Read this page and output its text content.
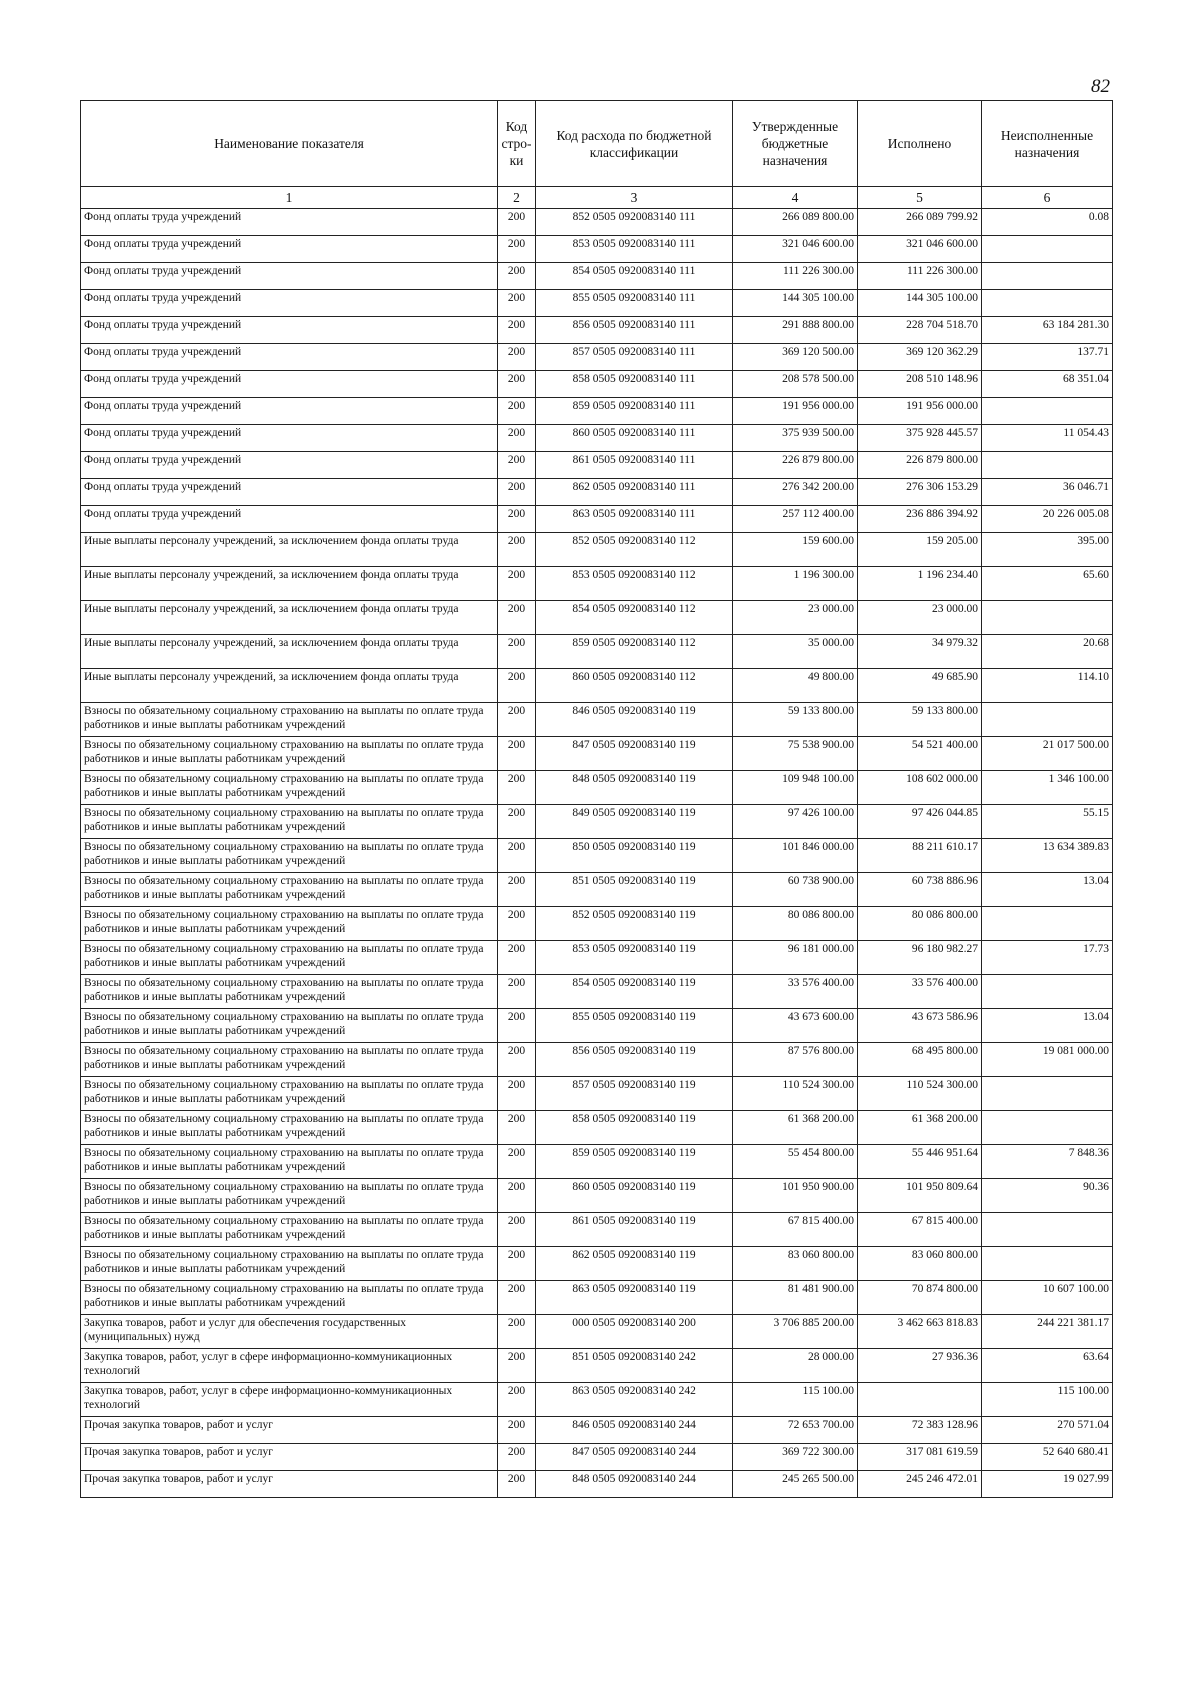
82
Наименование показателя	Код стро-ки	Код расхода по бюджетной классификации	Утвержденные бюджетные назначения	Исполнено	Неисполненные назначения
1	2	3	4	5	6
Фонд оплаты труда учреждений	200	852 0505 0920083140 111	266 089 800.00	266 089 799.92	0.08
Фонд оплаты труда учреждений	200	853 0505 0920083140 111	321 046 600.00	321 046 600.00	
Фонд оплаты труда учреждений	200	854 0505 0920083140 111	111 226 300.00	111 226 300.00	
Фонд оплаты труда учреждений	200	855 0505 0920083140 111	144 305 100.00	144 305 100.00	
Фонд оплаты труда учреждений	200	856 0505 0920083140 111	291 888 800.00	228 704 518.70	63 184 281.30
Фонд оплаты труда учреждений	200	857 0505 0920083140 111	369 120 500.00	369 120 362.29	137.71
Фонд оплаты труда учреждений	200	858 0505 0920083140 111	208 578 500.00	208 510 148.96	68 351.04
Фонд оплаты труда учреждений	200	859 0505 0920083140 111	191 956 000.00	191 956 000.00	
Фонд оплаты труда учреждений	200	860 0505 0920083140 111	375 939 500.00	375 928 445.57	11 054.43
Фонд оплаты труда учреждений	200	861 0505 0920083140 111	226 879 800.00	226 879 800.00	
Фонд оплаты труда учреждений	200	862 0505 0920083140 111	276 342 200.00	276 306 153.29	36 046.71
Фонд оплаты труда учреждений	200	863 0505 0920083140 111	257 112 400.00	236 886 394.92	20 226 005.08
Иные выплаты персоналу учреждений, за исключением фонда оплаты труда	200	852 0505 0920083140 112	159 600.00	159 205.00	395.00
Иные выплаты персоналу учреждений, за исключением фонда оплаты труда	200	853 0505 0920083140 112	1 196 300.00	1 196 234.40	65.60
Иные выплаты персоналу учреждений, за исключением фонда оплаты труда	200	854 0505 0920083140 112	23 000.00	23 000.00	
Иные выплаты персоналу учреждений, за исключением фонда оплаты труда	200	859 0505 0920083140 112	35 000.00	34 979.32	20.68
Иные выплаты персоналу учреждений, за исключением фонда оплаты труда	200	860 0505 0920083140 112	49 800.00	49 685.90	114.10
Взносы по обязательному социальному страхованию на выплаты по оплате труда работников и иные выплаты работникам учреждений	200	846 0505 0920083140 119	59 133 800.00	59 133 800.00	
Взносы по обязательному социальному страхованию на выплаты по оплате труда работников и иные выплаты работникам учреждений	200	847 0505 0920083140 119	75 538 900.00	54 521 400.00	21 017 500.00
Взносы по обязательному социальному страхованию на выплаты по оплате труда работников и иные выплаты работникам учреждений	200	848 0505 0920083140 119	109 948 100.00	108 602 000.00	1 346 100.00
Взносы по обязательному социальному страхованию на выплаты по оплате труда работников и иные выплаты работникам учреждений	200	849 0505 0920083140 119	97 426 100.00	97 426 044.85	55.15
Взносы по обязательному социальному страхованию на выплаты по оплате труда работников и иные выплаты работникам учреждений	200	850 0505 0920083140 119	101 846 000.00	88 211 610.17	13 634 389.83
Взносы по обязательному социальному страхованию на выплаты по оплате труда работников и иные выплаты работникам учреждений	200	851 0505 0920083140 119	60 738 900.00	60 738 886.96	13.04
Взносы по обязательному социальному страхованию на выплаты по оплате труда работников и иные выплаты работникам учреждений	200	852 0505 0920083140 119	80 086 800.00	80 086 800.00	
Взносы по обязательному социальному страхованию на выплаты по оплате труда работников и иные выплаты работникам учреждений	200	853 0505 0920083140 119	96 181 000.00	96 180 982.27	17.73
Взносы по обязательному социальному страхованию на выплаты по оплате труда работников и иные выплаты работникам учреждений	200	854 0505 0920083140 119	33 576 400.00	33 576 400.00	
Взносы по обязательному социальному страхованию на выплаты по оплате труда работников и иные выплаты работникам учреждений	200	855 0505 0920083140 119	43 673 600.00	43 673 586.96	13.04
Взносы по обязательному социальному страхованию на выплаты по оплате труда работников и иные выплаты работникам учреждений	200	856 0505 0920083140 119	87 576 800.00	68 495 800.00	19 081 000.00
Взносы по обязательному социальному страхованию на выплаты по оплате труда работников и иные выплаты работникам учреждений	200	857 0505 0920083140 119	110 524 300.00	110 524 300.00	
Взносы по обязательному социальному страхованию на выплаты по оплате труда работников и иные выплаты работникам учреждений	200	858 0505 0920083140 119	61 368 200.00	61 368 200.00	
Взносы по обязательному социальному страхованию на выплаты по оплате труда работников и иные выплаты работникам учреждений	200	859 0505 0920083140 119	55 454 800.00	55 446 951.64	7 848.36
Взносы по обязательному социальному страхованию на выплаты по оплате труда работников и иные выплаты работникам учреждений	200	860 0505 0920083140 119	101 950 900.00	101 950 809.64	90.36
Взносы по обязательному социальному страхованию на выплаты по оплате труда работников и иные выплаты работникам учреждений	200	861 0505 0920083140 119	67 815 400.00	67 815 400.00	
Взносы по обязательному социальному страхованию на выплаты по оплате труда работников и иные выплаты работникам учреждений	200	862 0505 0920083140 119	83 060 800.00	83 060 800.00	
Взносы по обязательному социальному страхованию на выплаты по оплате труда работников и иные выплаты работникам учреждений	200	863 0505 0920083140 119	81 481 900.00	70 874 800.00	10 607 100.00
Закупка товаров, работ и услуг для обеспечения государственных (муниципальных) нужд	200	000 0505 0920083140 200	3 706 885 200.00	3 462 663 818.83	244 221 381.17
Закупка товаров, работ, услуг в сфере информационно-коммуникационных технологий	200	851 0505 0920083140 242	28 000.00	27 936.36	63.64
Закупка товаров, работ, услуг в сфере информационно-коммуникационных технологий	200	863 0505 0920083140 242	115 100.00		115 100.00
Прочая закупка товаров, работ и услуг	200	846 0505 0920083140 244	72 653 700.00	72 383 128.96	270 571.04
Прочая закупка товаров, работ и услуг	200	847 0505 0920083140 244	369 722 300.00	317 081 619.59	52 640 680.41
Прочая закупка товаров, работ и услуг	200	848 0505 0920083140 244	245 265 500.00	245 246 472.01	19 027.99
